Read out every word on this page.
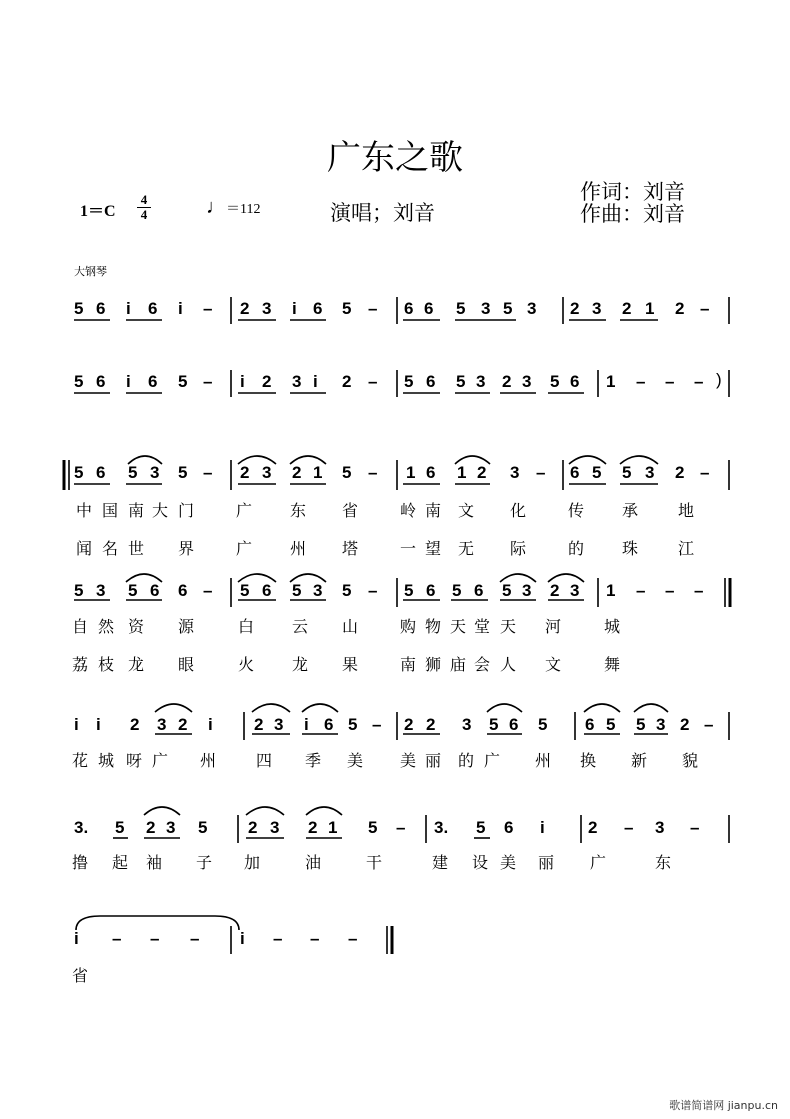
广东之歌
作词：刘音
作曲：刘音
演唱；刘音
1＝C
4
4	♩＝112
大钢琴
5 6 i 6 i – 2 3 i 6 5 – 6 6 5 3 5 3 2 3 2 1 2 –
5 6 i 6 5 – i 2 3 i 2 – 5 6 5 3 2 3 5 6 1 – – – )
5 6 5 3 5 – 2 3 2 1 5 – 1 6 1 2 3 – 6 5 5 3 2 –
中 国 南 大 门	广 东 省	岭 南 文 化	传 承 地
闻 名 世 界	广 州 塔	一 望 无 际	的 珠 江
5 3 5 6 6 – 5 6 5 3 5 – 5 6 5 6 5 3 2 3 1 – – –
自 然 资 源	白 云 山	购 物 天 堂 天 河	城
荔 枝 龙 眼	火 龙 果	南 狮 庙 会 人 文	舞
i i 2 3 2 i 2 3 i 6 5 – 2 2 3 5 6 5 6 5 5 3 2 –
花 城 呀 广 州 四 季 美 美 丽 的 广 州 换 新 貌
3. 5 2 3 5 2 3 2 1 5 – 3. 5 6 i	2 – 3 –
撸 起 袖 子 加	油	干	建 设 美 丽 广	东
i – – – i – – –
省
歌谱简谱网 jianpu.cn
